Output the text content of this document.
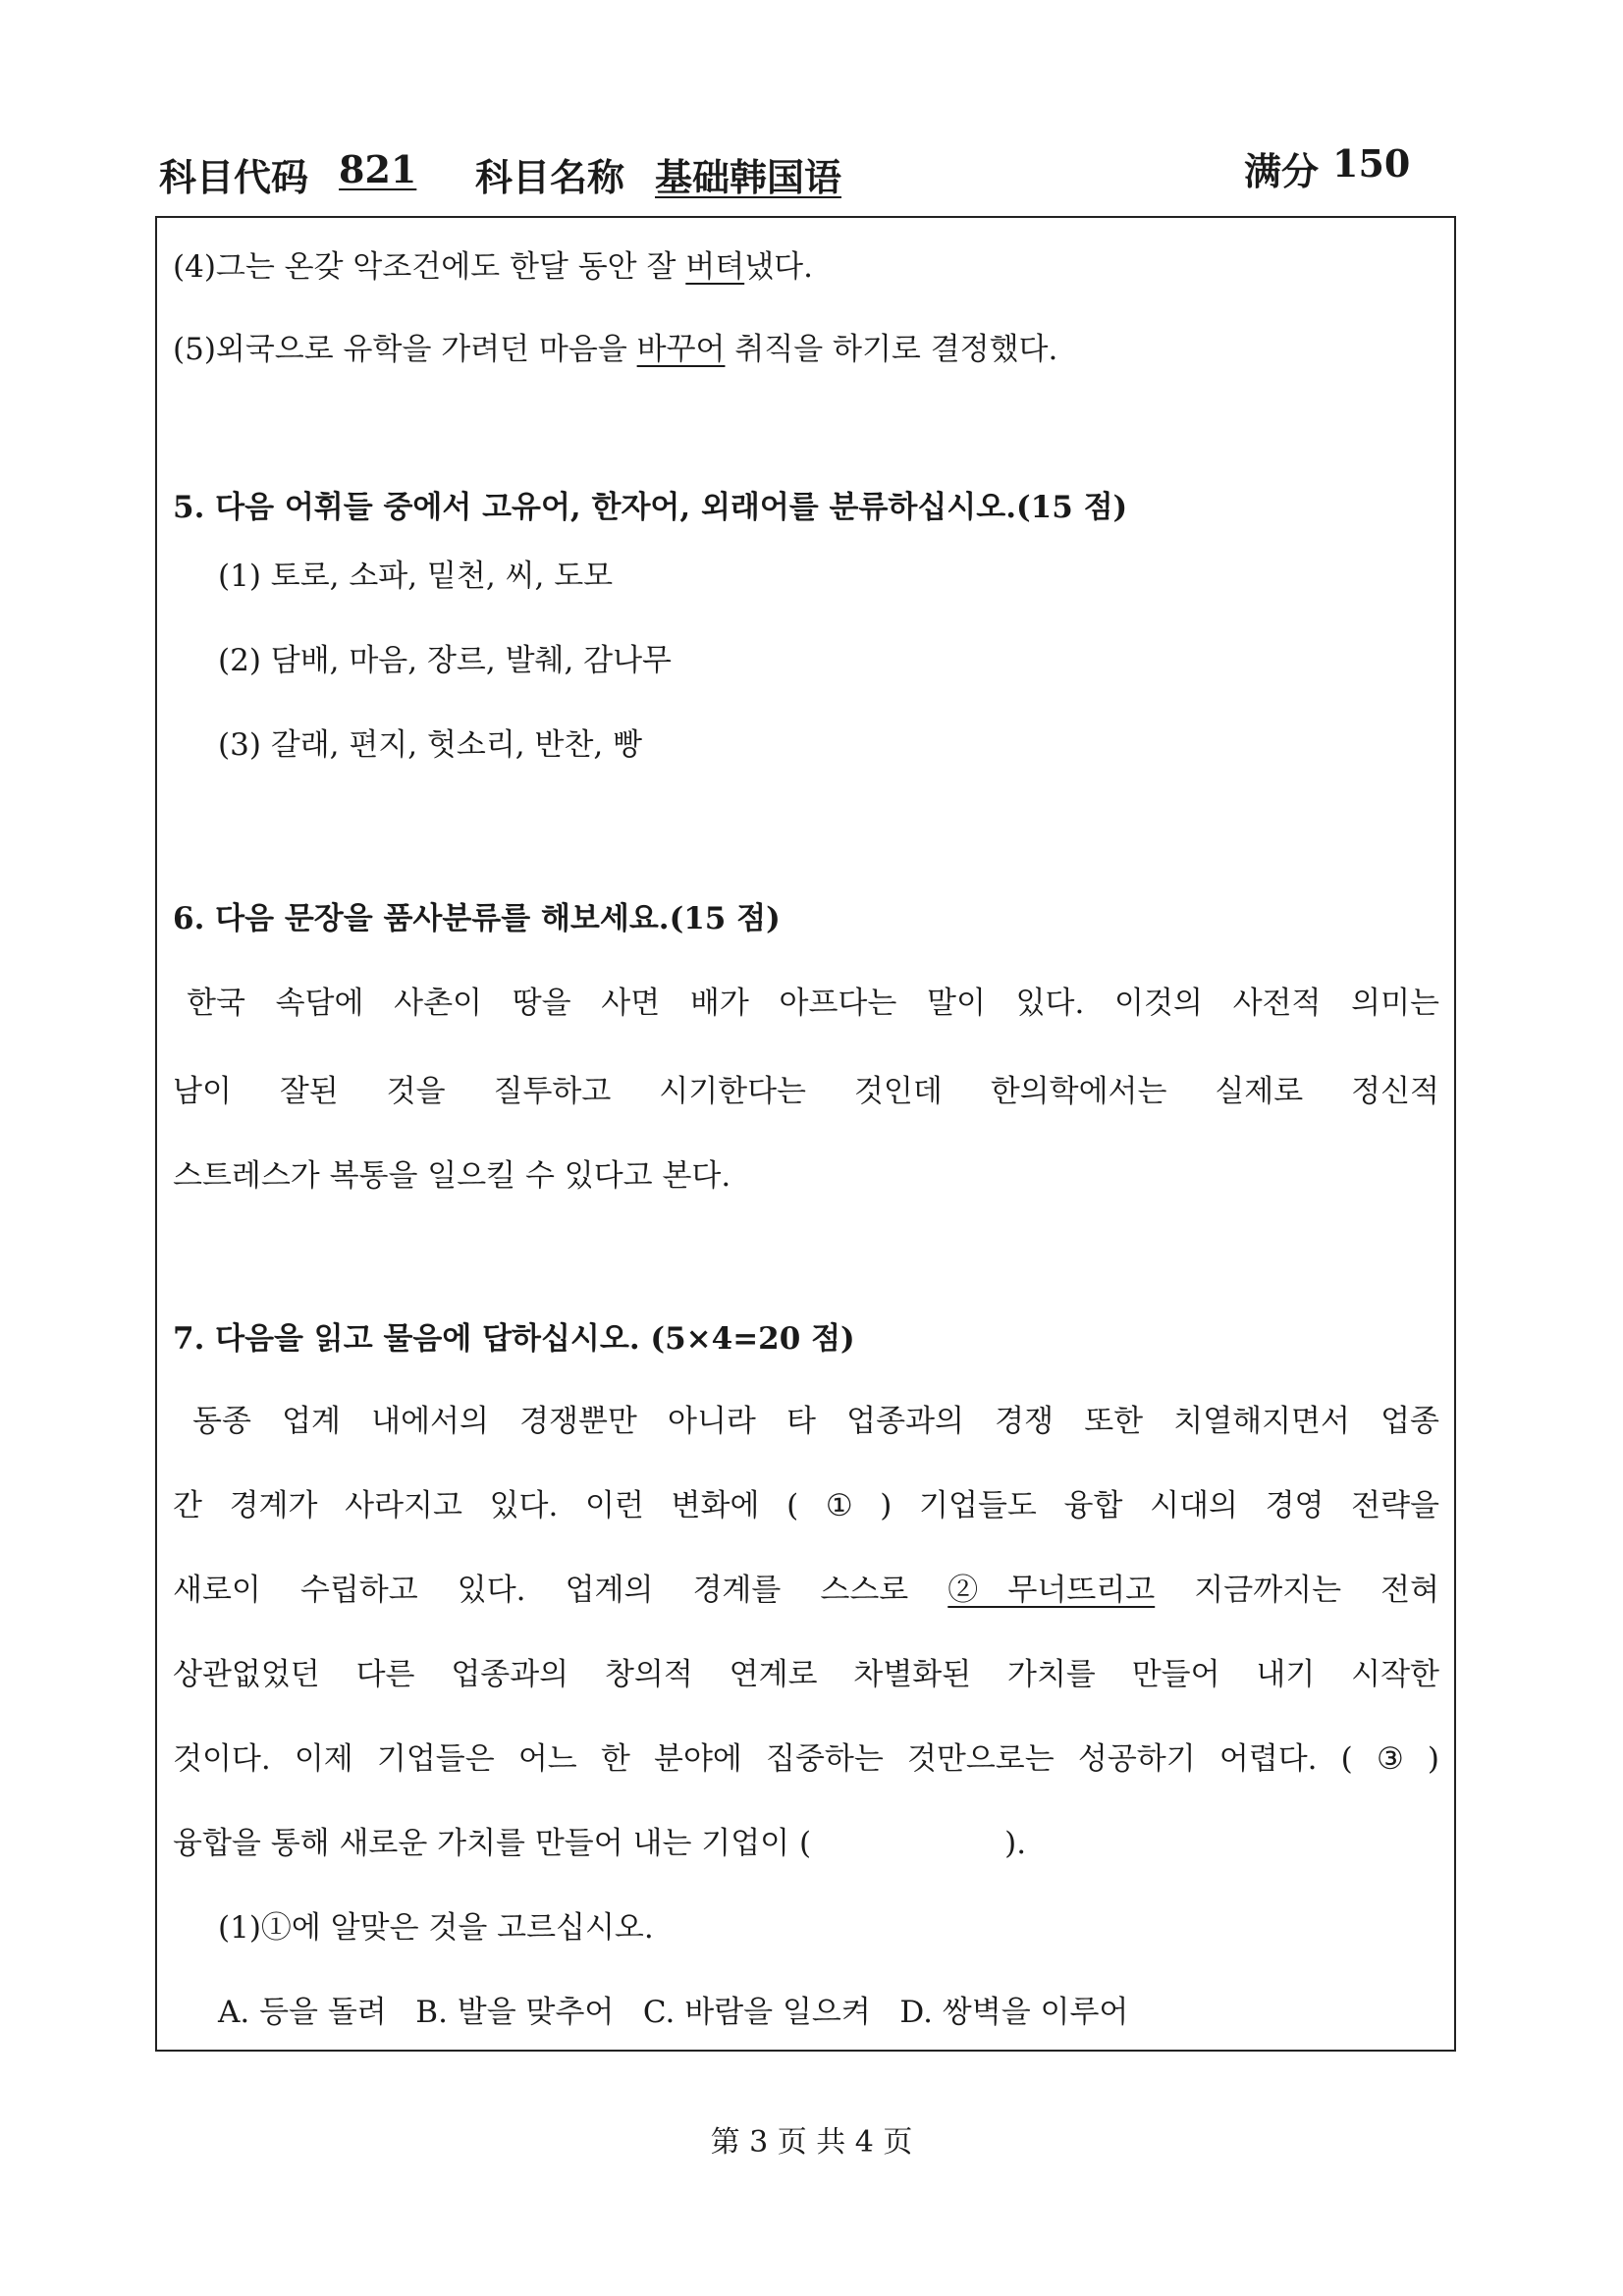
科目代码 821 科目名称 基础韩国语	满分 150
(4)그는 온갖 악조건에도 한달 동안 잘 버텨냈다.
(5)외국으로 유학을 가려던 마음을 바꾸어 취직을 하기로 결정했다.
5. 다음 어휘들 중에서 고유어, 한자어, 외래어를 분류하십시오.(15 점)
(1) 토로, 소파, 밑천, 씨, 도모
(2) 담배, 마음, 장르, 발췌, 감나무
(3) 갈래, 편지, 헛소리, 반찬, 빵
6. 다음 문장을 품사분류를 해보세요.(15 점)
한국 속담에 사촌이 땅을 사면 배가 아프다는 말이 있다. 이것의 사전적 의미는
남이 잘된 것을 질투하고 시기한다는 것인데 한의학에서는 실제로 정신적
스트레스가 복통을 일으킬 수 있다고 본다.
7. 다음을 읽고 물음에 답하십시오. (5×4=20 점)
동종 업계 내에서의 경쟁뿐만 아니라 타 업종과의 경쟁 또한 치열해지면서 업종
간 경계가 사라지고 있다. 이런 변화에 ( ① ) 기업들도 융합 시대의 경영 전략을
새로이 수립하고 있다. 업계의 경계를 스스로 ②무너뜨리고 지금까지는 전혀
상관없었던 다른 업종과의 창의적 연계로 차별화된 가치를 만들어 내기 시작한
것이다. 이제 기업들은 어느 한 분야에 집중하는 것만으로는 성공하기 어렵다. ( ③ )
융합을 통해 새로운 가치를 만들어 내는 기업이 (                    ).
(1)①에 알맞은 것을 고르십시오.
A. 등을 돌려   B. 발을 맞추어   C. 바람을 일으켜   D. 쌍벽을 이루어
第 3 页 共 4 页
